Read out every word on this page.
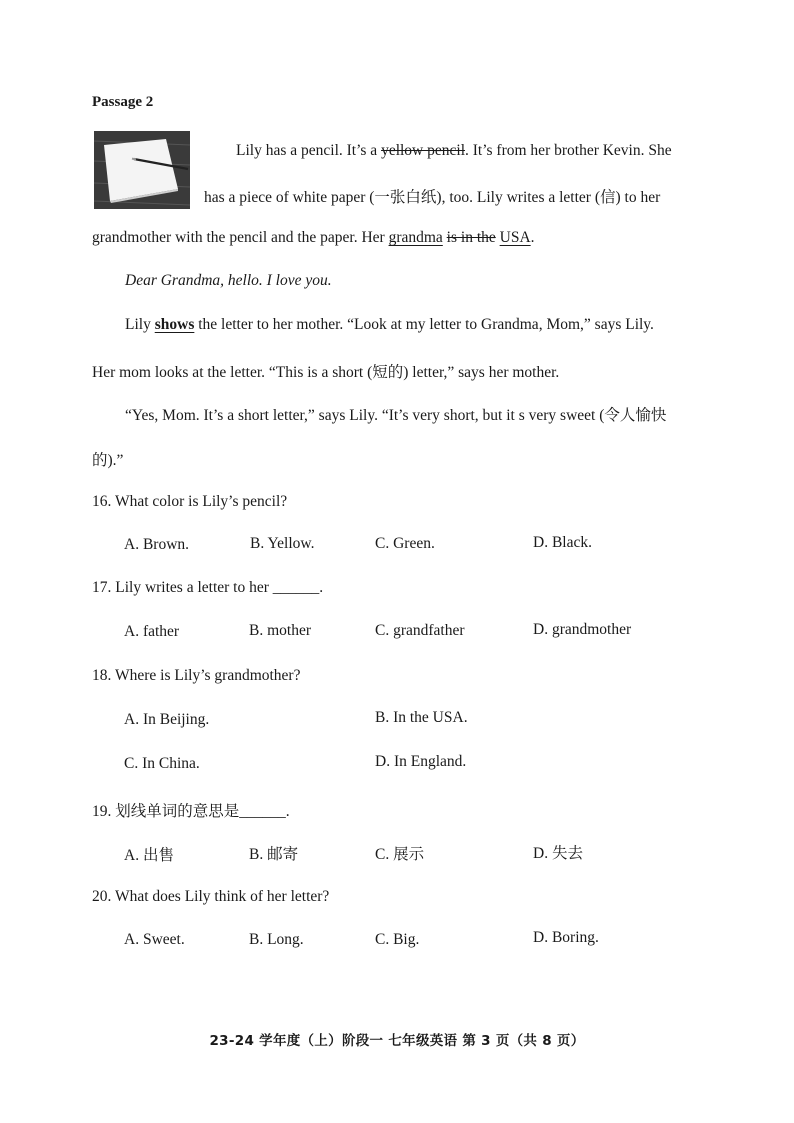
Passage 2
Lily has a pencil. It’s a yellow pencil. It’s from her brother Kevin. She
has a piece of white paper (一张白纸), too. Lily writes a letter (信) to her
grandmother with the pencil and the paper. Her grandma is in the USA.
Dear Grandma, hello. I love you.
Lily shows the letter to her mother. “Look at my letter to Grandma, Mom,” says Lily.
Her mom looks at the letter. “This is a short (短的) letter,” says her mother.
“Yes, Mom. It’s a short letter,” says Lily. “It’s very short, but it s very sweet (令人愉快
的).”
16. What color is Lily’s pencil?
A. Brown.	B. Yellow.	C. Green.	D. Black.
17. Lily writes a letter to her ______.
A. father	B. mother	C. grandfather	D. grandmother
18. Where is Lily’s grandmother?
A. In Beijing.	B. In the USA.
C. In China.	D. In England.
19. 划线单词的意思是______.
A. 出售	B. 邮寄	C. 展示	D. 失去
20. What does Lily think of her letter?
A. Sweet.	B. Long.	C. Big.	D. Boring.
23-24 学年度（上）阶段一 七年级英语 第 3 页（共 8 页）
